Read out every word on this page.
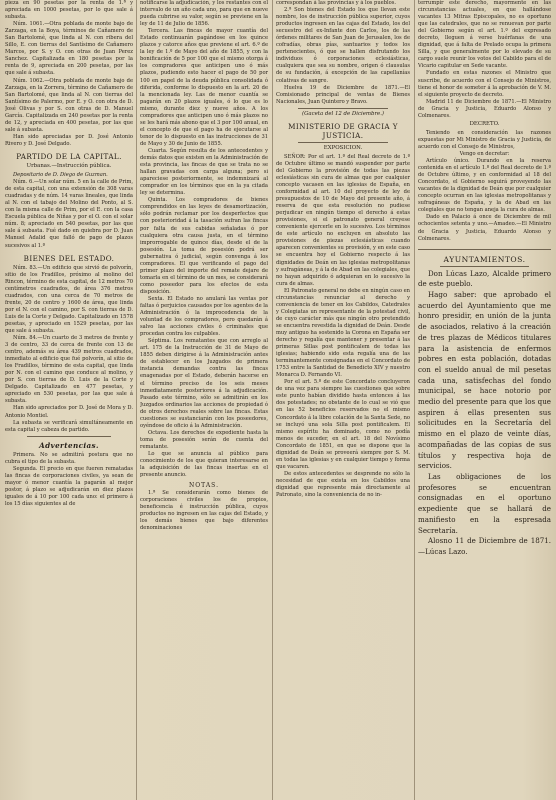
pieza en 90 pesetas por la renta de 1.ª y apreciada en 1000 pesetas, por lo que sale á subasta.

Núm. 1061.—Otra poblada de monte bajo de Zarzaga, en la Boya, términos de Cañamero de San Bartolomé, que linda al N. con ribera del Sillo, E. con tierras del Santísimo de Cañamero Marcos, por S. y O. con otras de Juan Perez Sanchez. Capitalizada en 180 pesetas por la renta de 9, apreciada en 200 pesetas, por las que sale á subasta.

Núm. 1062.—Otra poblada de monte bajo de Zarzaga, en la Zorrera, término de Cañamero de San Bartolomé, que linda al N. con tierras del Santísimo de Palermo, por E. y O. con otra de D. José Olivas y por S. con otras de D. Manuel García. Capitalizada en 240 pesetas por la renta de 12, y apreciada en 400 pesetas, por las que sale á subasta.

Han sido apreciadas por D. José Antonio Rivero y D. José Delgado.

PARTIDO DE LA CAPITAL.
Urbanas.—Instrucción pública.

Depositario de D. Diego de Guzman.

Núm. 6.—Un solar núm. 5 en la calle de Prim, de esta capital, con una extensión de 308 varas cuadradas y de núm. 14 varas lineales, que linda al N. con el tabajo del Molino del Ponto, al S. con la misma calle de Prim, por el E. con la casa Escuela pública de Niñas y por el O. con el solar núm. 8; apreciado en 540 pesetas, por las que sale á subasta. Fué dado en quiebra por D. Juan Manuel Adalid que falló de pago de plazos sucesivos al 1.º

BIENES DEL ESTADO.

Núm. 83.—Un edificio que sirvió de polvorín, sitio de los Fradillos, próximo al molino del Rincon, término de esta capital, de 12 metros 70 centímetros cuadrados, de área 376 metros cuadrados, con una cerca de 70 metros de frente, 20 de centro y 1600 de área, que linda por el N. con el camino, por S. con tierras de D. Luis de la Corte y Delgado. Capitalizado en 1578 pesetas, y apreciado en 1529 pesetas, por las que sale á subasta.

Núm. 84.—Un cuarto de 3 metros de frente y 3 de centro, 33 de cerca de frente con 13 de centro, además su área 439 metros cuadrados, inmediato al edificio que fué polvorín, al sitio de los Fradillos, término de esta capital, que linda por N. con el camino que conduce al molino, y por S. con tierras de D. Luis de la Corte y Delgado. Capitalizado en 477 pesetas, y apreciado en 530 pesetas, por las que sale á subasta.

Han sido apreciados por D. José de Mora y D. Antonio Montiel.

La subasta se verificará simultáneamente en esta capital y cabeza de partido.

Advertencias.

Primera. No se admitirá postura que no cubra el tipo de la subasta.

Segunda. El precio en que fueren rematadas las fincas de corporaciones civiles, ya sean de mayor ó menor cuantía la pagarán al mejor postor, á plazo se adjudicarán en diez plazos iguales de á 10 por 100 cada uno: el primero á los 15 días siguientes al de

notificarse la adjudicación, y los restantes con el intervalo de un año cada uno, para que en nueve pueda cubrirse su valor, según se previene en la ley de 11 de Julio de 1856.

Tercera. Las fincas de mayor cuantía del Estado continuarán pagándose en los quince plazos y catorce años que previene el art. 6.º de la ley de 1.º de Mayo del año de 1855, y con la bonificación de 5 por 100 que el mismo otorga á los compradores que anticipen uno ó más plazos, pudiendo esto hacer el pago de 50 por 100 en papel de la deuda pública consolidada ó diferida, conforme lo dispuesto en la art. 20 de la mencionada ley. Las de menor cuantía se pagarán en 20 plazos iguales, ó lo que es lo mismo, durante diez y nueve años. A los compradores que anticipen uno ó más plazos no se les hará más abono que el 3 por 100 anual, en el concepto de que el pago ha de ejecutarse al tenor de lo dispuesto en las instrucciones de 31 de Mayo y 30 de Junio de 1855.

Cuarta. Según resulta de los antecedentes y demás datos que existen en la Administración de esta provincia, las fincas de que se trata no se hallan gravadas con carga alguna; pero si apareciese posteriormente, se indemnizará al comprador en los términos que en la ya citada ley se determina.

Quinta. Los compradores de bienes comprendidos en las leyes de desamortización, sólo podrán reclamar por los desperfectos que con posterioridad á la tasación sufran las fincas por falta de sus cabidas señaladas ó por cualquiera otra causa justa, en el término improrrogable de quince días, desde el de la posesión. La toma de posesión podrá ser gubernativa ó judicial, según convenga á los compradores. El que verificando el pago del primer plazo del importe del remate dejare de tomarla en el término de un mes, se considerará como poseedor para los efectos de esta disposición.

Sexta. El Estado no anulará las ventas por faltas ó perjuicios causados por los agentes de la Administración ó la improcedencia de la voluntad de los compradores, pero quedarán á salvo las acciones civiles ó criminales que procedan contra los culpables.

Séptima. Los rematantes que con arreglo al art. 175 de la Instrucción de 31 de Mayo de 1855 deben dirigirse á la Administración antes de establecer en los Juzgados de primera instancia demandas contra las fincas enagenadas por el Estado, deberán hacerse en el término preciso de los seis meses inmediatamente posteriores á la adjudicación. Pasado este término, sólo se admitirán en los Juzgados ordinarios las acciones de propiedad ó de otros derechos reales sobre las fincas. Estas cuestiones se sustanciarán con los poseedores, oyéndose de oficio á la Administración.

Octava. Los derechos de expediente hasta la toma de posesión serán de cuenta del rematante.

Lo que se anuncia al público para conocimiento de los que quieran interesarse en la adquisición de las fincas insertas en el presente anuncio.

NOTAS.

1.ª Se considerarán como bienes de corporaciones civiles los de propios, beneficencia é instrucción pública, cuyos productos no ingresen en las cajas del Estado, y los demás bienes que bajo diferentes denominaciones

correspondan á las provincias y á los pueblos.

2.ª Son bienes del Estado los que llevan este nombre, los de instrucción pública superior, cuyos productos ingresen en las cajas del Estado, los del secuestro del ex-Infante don Carlos, los de las órdenes militares de San Juan de Jerusalen, los de cofradías, obras pías, santuarios y todos los pertenecientes, ó que se hallen disfrutando los individuos ó corporaciones eclesiásticas, cualquiera que sea su nombre, origen ó clausulas de su fundación, á excepción de las capellanías colativas de sangre.

Huelva 19 de Diciembre de 1871.—El Comisionado principal de ventas de Bienes Nacionales, Juan Quintero y Bravo.

(Gaceta del 12 de Diciembre.)
MINISTERIO DE GRACIA Y JUSTICIA.
EXPOSICION.

SEÑOR: Por el art. 1.º del Real decreto de 1.º de Octubre último se mandó suspender por parte del Gobierno la provisión de todas las piezas eclesiásticas sin cura de almas que por cualquier concepto vacasen en las iglesias de España, en conformidad al art. 10 del proyecto de ley de presupuestos de 10 de Mayo del presente año, á reserva de que esta resolución no pudiese perjudicar en ningún tiempo el derecho á estas provisiones, si el patronato general creyese conveniente ejercerle en lo sucesivo. Los términos de este artículo no excluyen en absoluto las provisiones de piezas eclesiásticas cuando aparecen convenientes su provisión, y en este caso se encuentra hoy el Gobierno respecto á las dignidades de Deán en las iglesias metropolitanas y sufragáneas, y á la de Abad en las colegiales, que no hayan adquirido ó adquieran en lo sucesivo la cura de almas.

El Patronato general no debe en ningún caso en circunstancias renunciar al derecho y conveniencia de tener en los Cabildos, Catedrales y Colegiatas un representante de la potestad civil, de cuyo carácter más que ningún otro pretendido se encuentra revestida la dignidad de Deán. Desde muy antiguo ha sostenido la Corona en España ser derecho y regalía que mantener y presentar á las primeras Sillas post pontificalem de todas las iglesias; habiendo sido esta regalía una de las terminantemente consignadas en el Concordato de 1753 entre la Santidad de Benedicto XIV y nuestro Monarca D. Fernando VI.

Por el art. 5.º de este Concordato concluyeron de una vez para siempre las cuestiones que sobre este punto habían dividido hasta entonces á las dos potestades; no obstante de lo cual se vió que en las 52 beneficios reservados no el mismo Concordato á la libre colación de la Santa Sede, no se incluyó una sola Silla post pontificalem. El mismo espíritu ha dominado, como no podía menos de suceder, en el art. 18 del Novísimo Concordato de 1851, en que se dispone que la dignidad de Deán se proveerá siempre por S. M. en todas las iglesias y en cualquier tiempo y forma que vacaren.

De estos antecedentes se desprende no sólo la necesidad de que exista en los Cabildos una dignidad que represente más directamente al Patronato, sino la conveniencia de no in-

terrumpir este derecho, mayormente en las circunstancias actuales, en que hallándose vacantes 13 Mitras Episcopales, no es oportuno que las catedrales, que no se renuevan por parte del Gobierno según el art. 1.º del expresado decreto, lleguen á verse huérfanas de una dignidad, que á falta de Prelado ocupa la primera Silla, y que generalmente por lo elevado de su cargo suele reunir los votos del Cabildo para el de Vicario capitular en Sede vacante.

Fundado en estas razones el Ministro que suscribe, de acuerdo con el Consejo de Ministros, tiene el honor de someter á la aprobación de V. M. el siguiente proyecto de decreto.

Madrid 11 de Diciembre de 1871.—El Ministro de Gracia y Justicia, Eduardo Alonso y Colmenares.

DECRETO.

Teniendo en consideración las razones expuestas por Mi Ministro de Gracia y Justicia, de acuerdo con el Consejo de Ministros,

Vengo en decretar:

Artículo único. Durando en la reserva contenida en el artículo 1.º del Real decreto de 1.º de Octubre último, y en conformidad al 18 del Concordato, el Gobierno seguirá proveyendo las vacantes de la dignidad de Deán que por cualquier concepto ocurran en las iglesias metropolitanas y sufragáneas de España, y la de Abad en las colegiales que no tengan aneja la cura de almas.

Dado en Palacio á once de Diciembre de mil ochocientos setenta y uno.—Amadeo.—El Ministro de Gracia y Justicia, Eduardo Alonso y Colmenares.

AYUNTAMIENTOS.

Don Lúcas Lazo, Alcalde primero de este pueblo.

Hago saber: que aprobado el acuerdo del Ayuntamiento que me honro presidir, en unión de la junta de asociados, relativo á la creación de tres plazas de Médicos titulares para la asistencia de enfermos pobres en esta población, dotadas con el sueldo anual de mil pesetas cada una, satisfechas del fondo municipal, se hace notorio por medio del presente para que los que aspiren á ellas presenten sus solicitudes en la Secretaría del mismo en el plazo de veinte días, acompañadas de las copias de sus títulos y respectiva hoja de servicios.

Las obligaciones de los profesores se encuentran consignadas en el oportuno expediente que se hallará de manifiesto en la espresada Secretaría.

Alosno 11 de Diciembre de 1871.—Lúcas Lazo.
